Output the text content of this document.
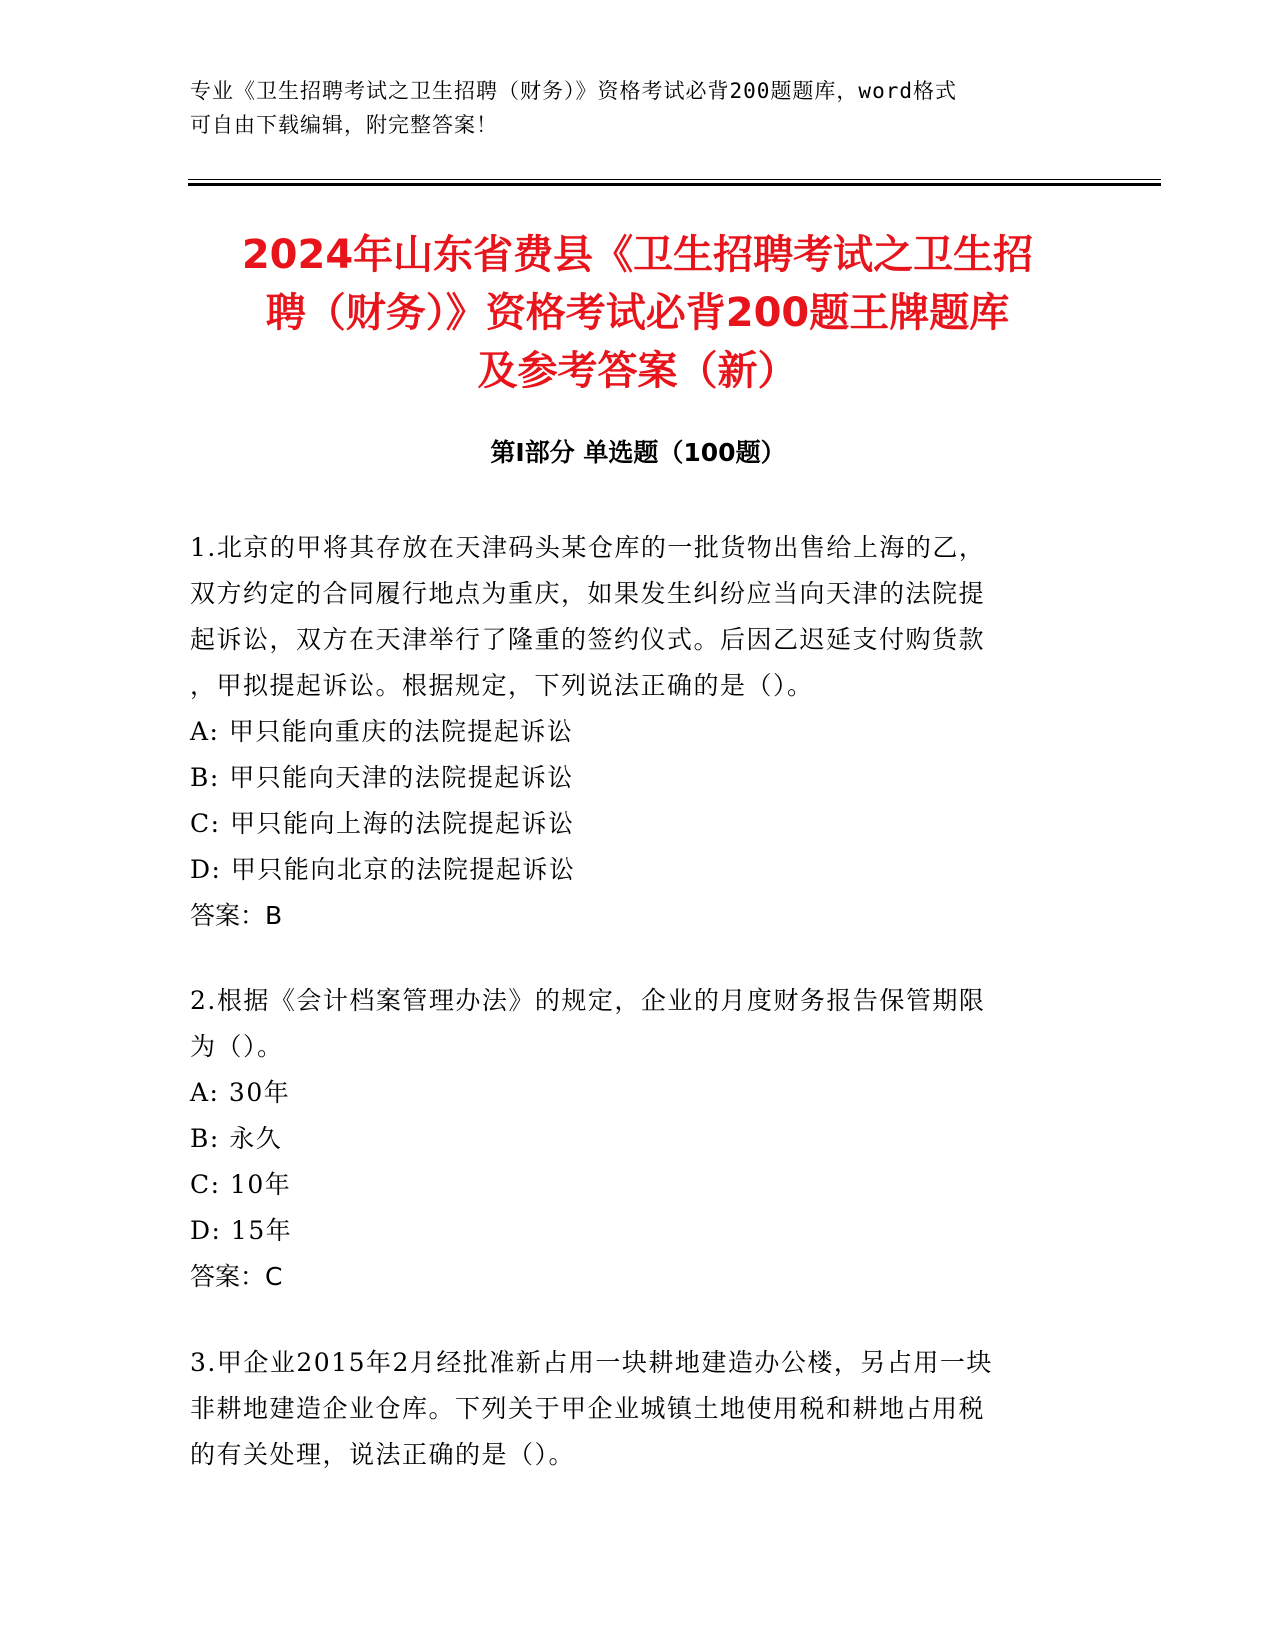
专业《卫生招聘考试之卫生招聘（财务）》资格考试必背200题题库，word格式
可自由下载编辑，附完整答案！
2024年山东省费县《卫生招聘考试之卫生招
聘（财务）》资格考试必背200题王牌题库
及参考答案（新）
第Ⅰ部分 单选题（100题）

1.北京的甲将其存放在天津码头某仓库的一批货物出售给上海的乙，

双方约定的合同履行地点为重庆，如果发生纠纷应当向天津的法院提

起诉讼，双方在天津举行了隆重的签约仪式。后因乙迟延支付购货款

，甲拟提起诉讼。根据规定，下列说法正确的是（）。

A: 甲只能向重庆的法院提起诉讼

B: 甲只能向天津的法院提起诉讼

C: 甲只能向上海的法院提起诉讼

D: 甲只能向北京的法院提起诉讼

答案：B

2.根据《会计档案管理办法》的规定，企业的月度财务报告保管期限

为（）。

A: 30年

B: 永久

C: 10年

D: 15年

答案：C

3.甲企业2015年2月经批准新占用一块耕地建造办公楼，另占用一块

非耕地建造企业仓库。下列关于甲企业城镇土地使用税和耕地占用税

的有关处理，说法正确的是（）。
